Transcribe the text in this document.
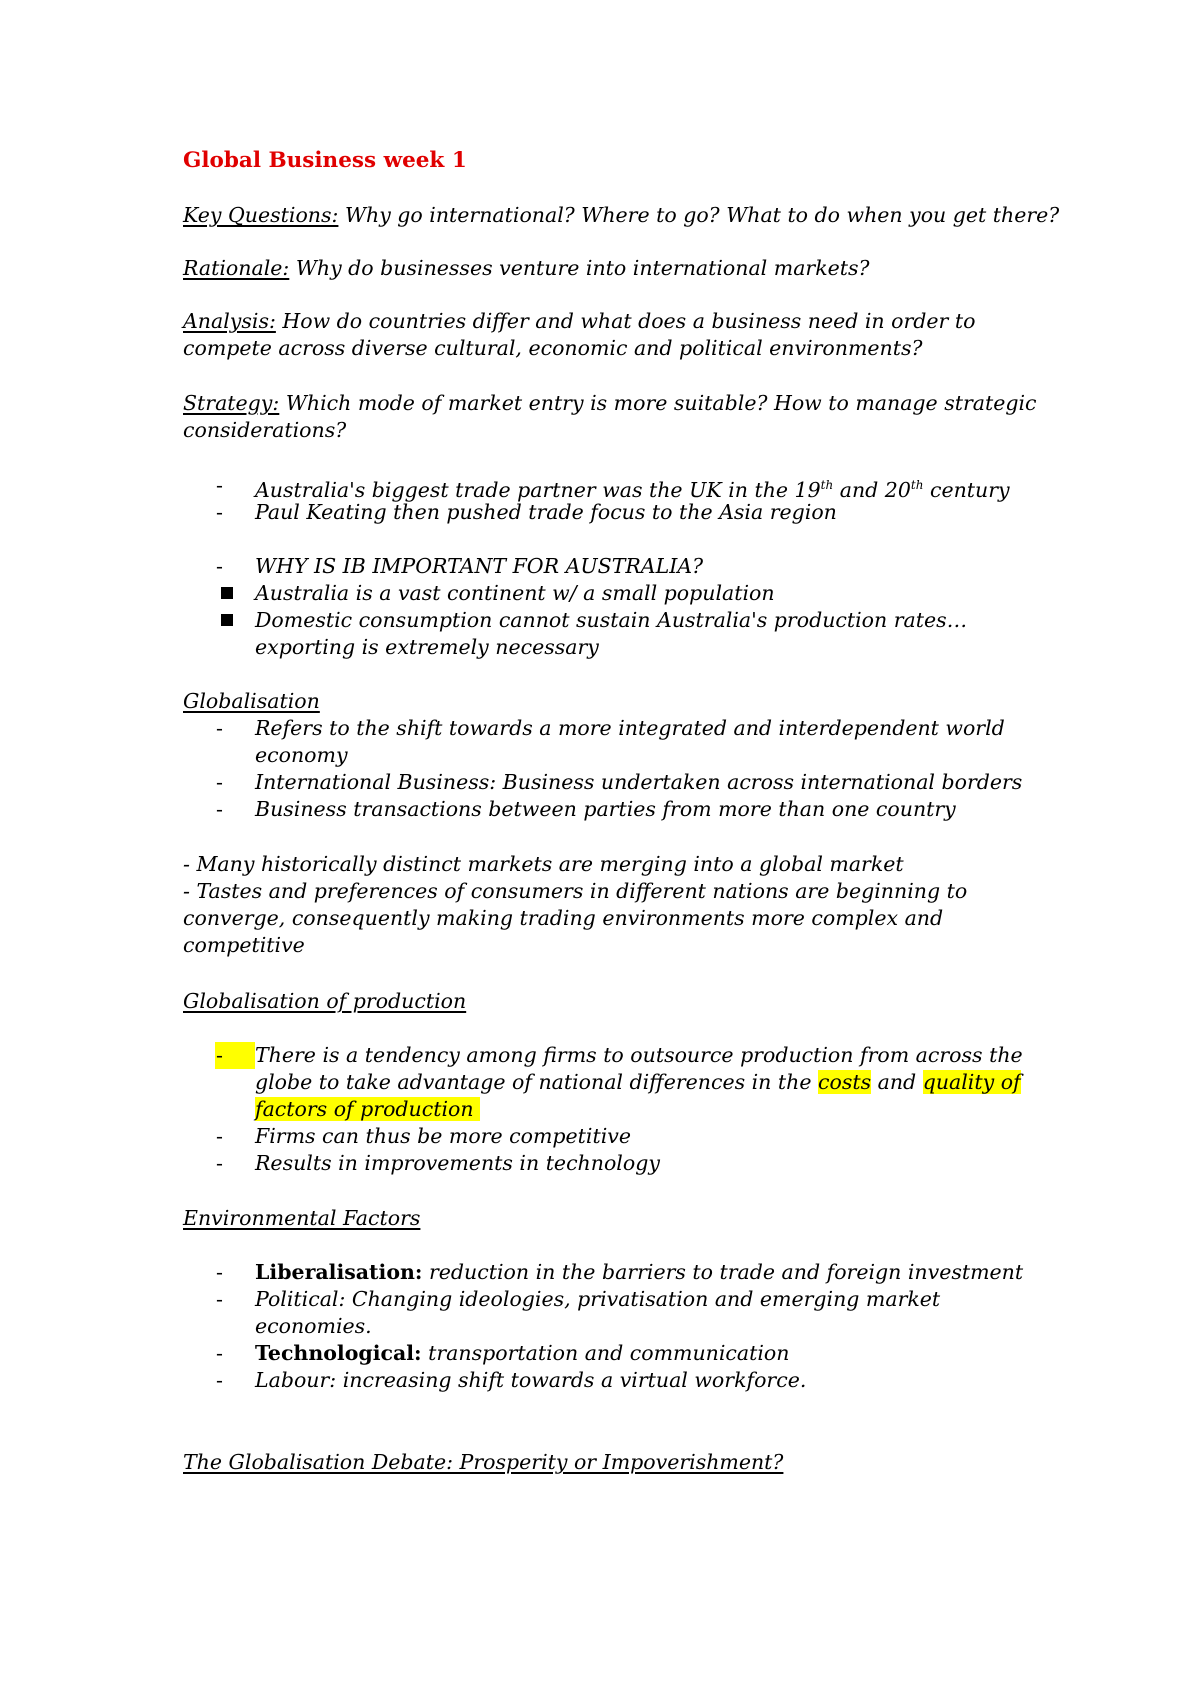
Global Business week 1
Key Questions: Why go international? Where to go? What to do when you get there?
Rationale: Why do businesses venture into international markets?
Analysis: How do countries differ and what does a business need in order to
compete across diverse cultural, economic and political environments?
Strategy: Which mode of market entry is more suitable? How to manage strategic
considerations?
- Australia's biggest trade partner was the UK in the 19th and 20th century
- Paul Keating then pushed trade focus to the Asia region
- WHY IS IB IMPORTANT FOR AUSTRALIA?
Australia is a vast continent w/ a small population
Domestic consumption cannot sustain Australia's production rates…
exporting is extremely necessary
Globalisation
- Refers to the shift towards a more integrated and interdependent world
economy
- International Business: Business undertaken across international borders
- Business transactions between parties from more than one country
- Many historically distinct markets are merging into a global market
- Tastes and preferences of consumers in different nations are beginning to
converge, consequently making trading environments more complex and
competitive
Globalisation of production
- There is a tendency among firms to outsource production from across the
globe to take advantage of national differences in the costs and quality of
factors of production
- Firms can thus be more competitive
- Results in improvements in technology
Environmental Factors
- Liberalisation: reduction in the barriers to trade and foreign investment
- Political: Changing ideologies, privatisation and emerging market
economies.
- Technological: transportation and communication
- Labour: increasing shift towards a virtual workforce.
The Globalisation Debate: Prosperity or Impoverishment?
